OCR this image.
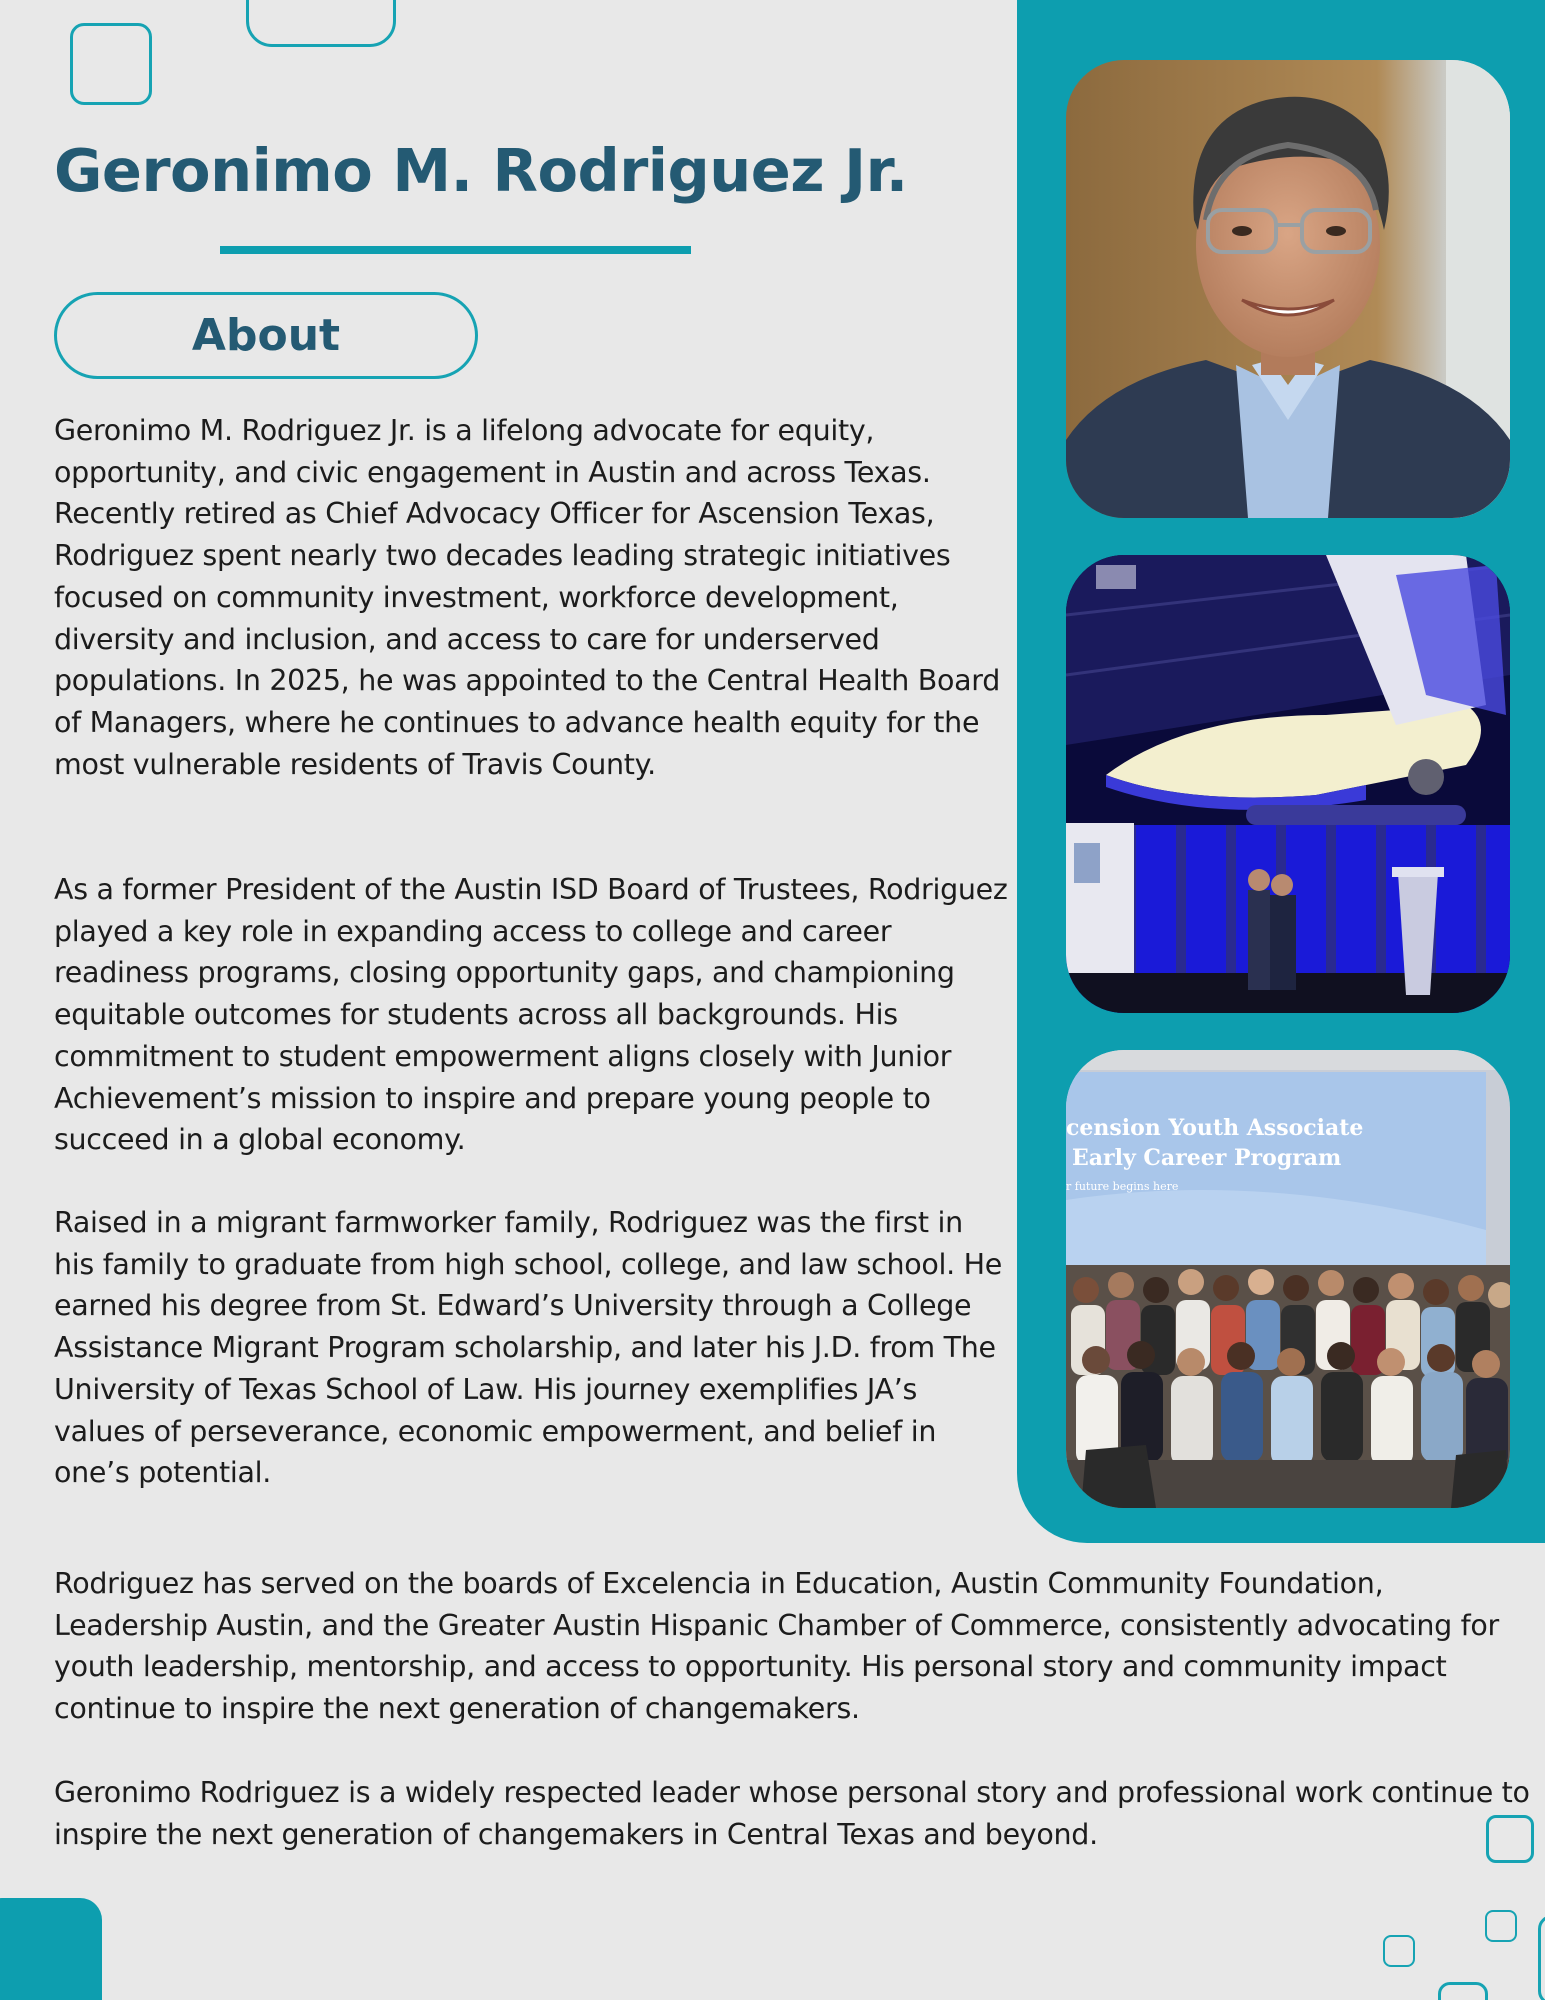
Geronimo M. Rodriguez Jr.
About

Geronimo M. Rodriguez Jr. is a lifelong advocate for equity, opportunity, and civic engagement in Austin and across Texas. Recently retired as Chief Advocacy Officer for Ascension Texas, Rodriguez spent nearly two decades leading strategic initiatives focused on community investment, workforce development, diversity and inclusion, and access to care for underserved populations. In 2025, he was appointed to the Central Health Board of Managers, where he continues to advance health equity for the most vulnerable residents of Travis County.

As a former President of the Austin ISD Board of Trustees, Rodriguez played a key role in expanding access to college and career readiness programs, closing opportunity gaps, and championing equitable outcomes for students across all backgrounds. His commitment to student empowerment aligns closely with Junior Achievement’s mission to inspire and prepare young people to succeed in a global economy.

Raised in a migrant farmworker family, Rodriguez was the first in his family to graduate from high school, college, and law school. He earned his degree from St. Edward’s University through a College Assistance Migrant Program scholarship, and later his J.D. from The University of Texas School of Law. His journey exemplifies JA’s values of perseverance, economic empowerment, and belief in one’s potential.

Rodriguez has served on the boards of Excelencia in Education, Austin Community Foundation, Leadership Austin, and the Greater Austin Hispanic Chamber of Commerce, consistently advocating for youth leadership, mentorship, and access to opportunity. His personal story and community impact continue to inspire the next generation of changemakers.

Geronimo Rodriguez is a widely respected leader whose personal story and professional work continue to inspire the next generation of changemakers in Central Texas and beyond.

cension Youth Associate
Early Career Program
r future begins here
